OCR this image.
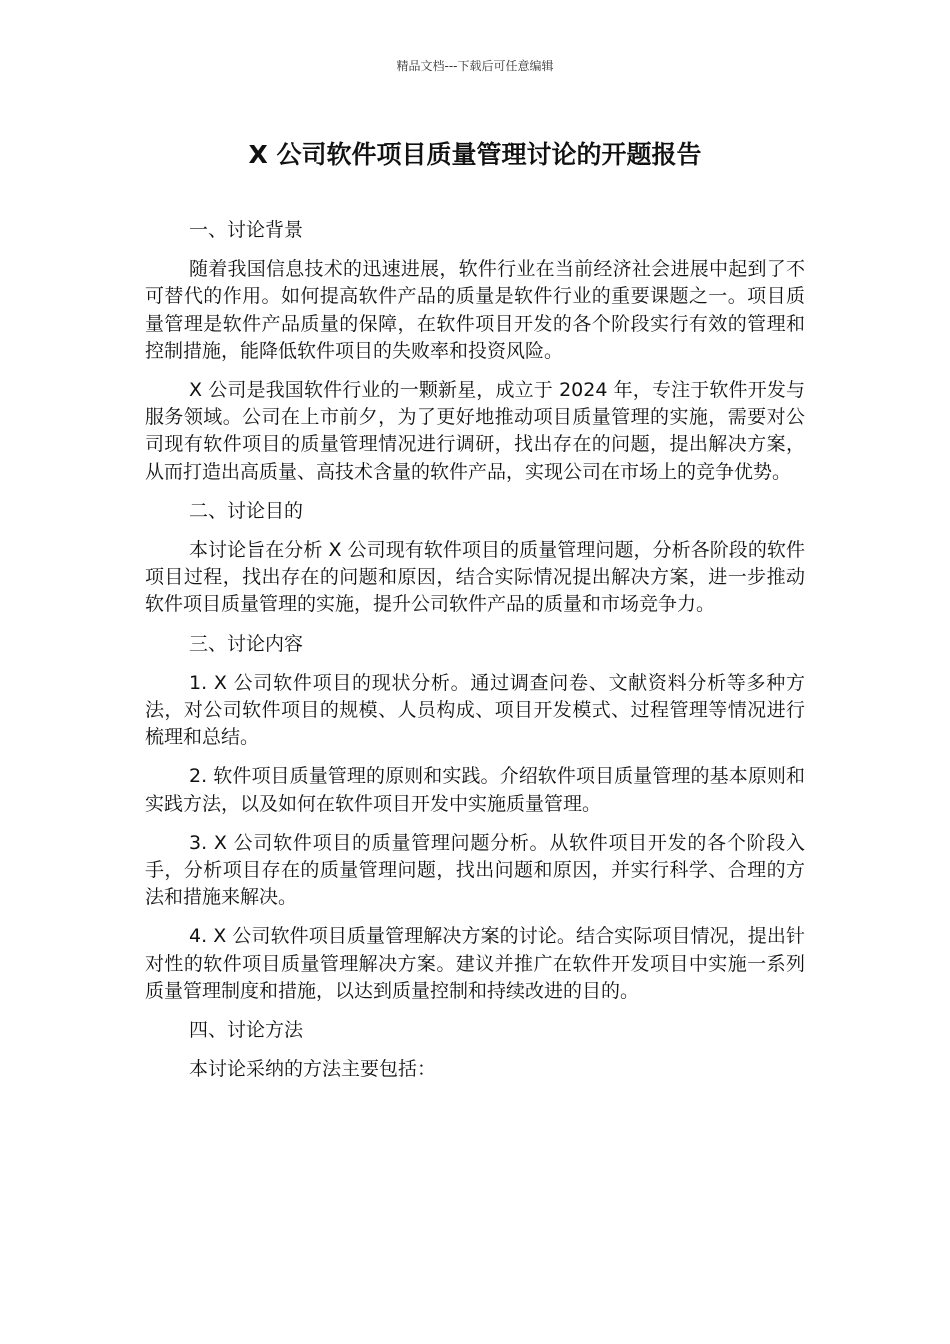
精品文档---下载后可任意编辑
X 公司软件项目质量管理讨论的开题报告

一、讨论背景

随着我国信息技术的迅速进展，软件行业在当前经济社会进展中起到了不可替代的作用。如何提高软件产品的质量是软件行业的重要课题之一。项目质量管理是软件产品质量的保障，在软件项目开发的各个阶段实行有效的管理和控制措施，能降低软件项目的失败率和投资风险。

X 公司是我国软件行业的一颗新星，成立于 2024 年，专注于软件开发与服务领域。公司在上市前夕，为了更好地推动项目质量管理的实施，需要对公司现有软件项目的质量管理情况进行调研，找出存在的问题，提出解决方案，从而打造出高质量、高技术含量的软件产品，实现公司在市场上的竞争优势。

二、讨论目的

本讨论旨在分析 X 公司现有软件项目的质量管理问题，分析各阶段的软件项目过程，找出存在的问题和原因，结合实际情况提出解决方案，进一步推动软件项目质量管理的实施，提升公司软件产品的质量和市场竞争力。

三、讨论内容

1. X 公司软件项目的现状分析。通过调查问卷、文献资料分析等多种方法，对公司软件项目的规模、人员构成、项目开发模式、过程管理等情况进行梳理和总结。

2. 软件项目质量管理的原则和实践。介绍软件项目质量管理的基本原则和实践方法，以及如何在软件项目开发中实施质量管理。

3. X 公司软件项目的质量管理问题分析。从软件项目开发的各个阶段入手，分析项目存在的质量管理问题，找出问题和原因，并实行科学、合理的方法和措施来解决。

4. X 公司软件项目质量管理解决方案的讨论。结合实际项目情况，提出针对性的软件项目质量管理解决方案。建议并推广在软件开发项目中实施一系列质量管理制度和措施，以达到质量控制和持续改进的目的。

四、讨论方法

本讨论采纳的方法主要包括：
